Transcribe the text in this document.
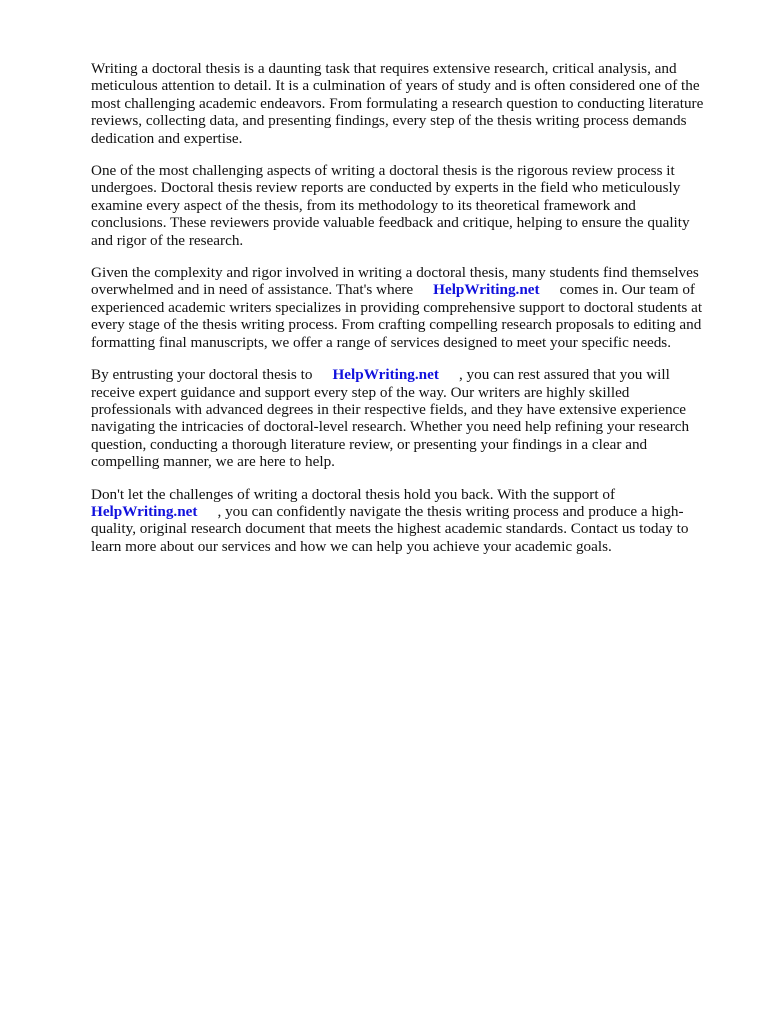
Writing a doctoral thesis is a daunting task that requires extensive research, critical analysis, and
meticulous attention to detail. It is a culmination of years of study and is often considered one of the
most challenging academic endeavors. From formulating a research question to conducting literature
reviews, collecting data, and presenting findings, every step of the thesis writing process demands
dedication and expertise.

One of the most challenging aspects of writing a doctoral thesis is the rigorous review process it
undergoes. Doctoral thesis review reports are conducted by experts in the field who meticulously
examine every aspect of the thesis, from its methodology to its theoretical framework and
conclusions. These reviewers provide valuable feedback and critique, helping to ensure the quality
and rigor of the research.

Given the complexity and rigor involved in writing a doctoral thesis, many students find themselves
overwhelmed and in need of assistance. That's where HelpWriting.net comes in. Our team of
experienced academic writers specializes in providing comprehensive support to doctoral students at
every stage of the thesis writing process. From crafting compelling research proposals to editing and
formatting final manuscripts, we offer a range of services designed to meet your specific needs.

By entrusting your doctoral thesis to HelpWriting.net , you can rest assured that you will
receive expert guidance and support every step of the way. Our writers are highly skilled
professionals with advanced degrees in their respective fields, and they have extensive experience
navigating the intricacies of doctoral-level research. Whether you need help refining your research
question, conducting a thorough literature review, or presenting your findings in a clear and
compelling manner, we are here to help.

Don't let the challenges of writing a doctoral thesis hold you back. With the support of
HelpWriting.net , you can confidently navigate the thesis writing process and produce a high-
quality, original research document that meets the highest academic standards. Contact us today to
learn more about our services and how we can help you achieve your academic goals.
